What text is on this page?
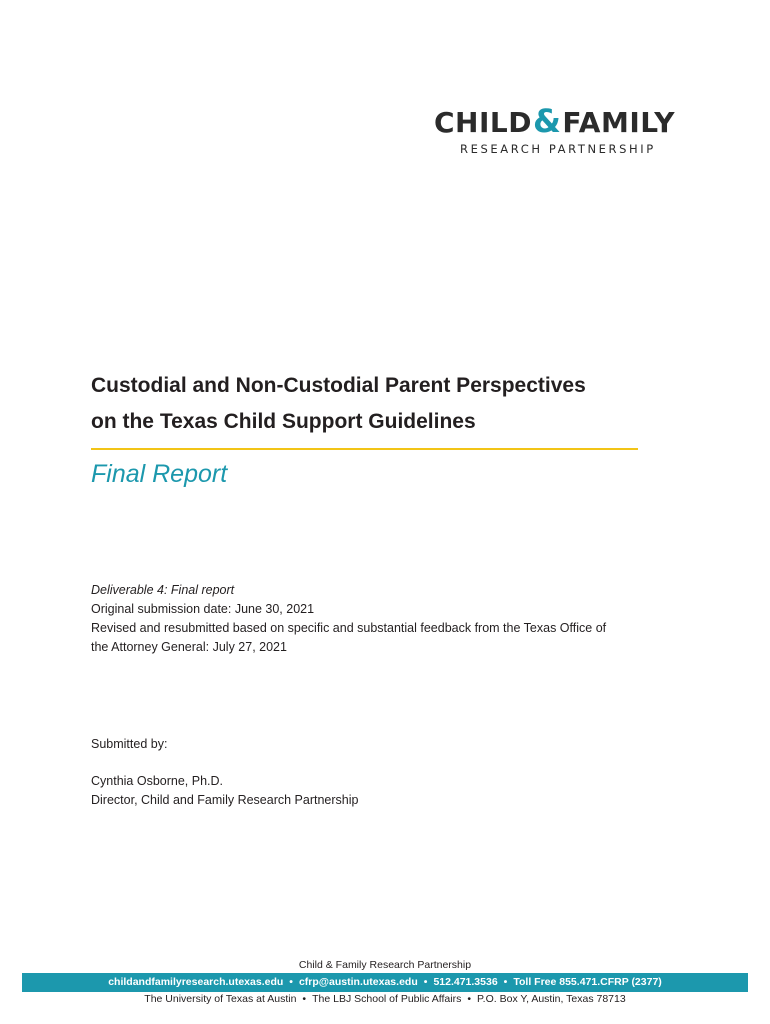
CHILD&FAMILY
RESEARCH PARTNERSHIP
Custodial and Non-Custodial Parent Perspectives
on the Texas Child Support Guidelines
Final Report
Deliverable 4: Final report
Original submission date: June 30, 2021
Revised and resubmitted based on specific and substantial feedback from the Texas Office of
the Attorney General: July 27, 2021
Submitted by:
Cynthia Osborne, Ph.D.
Director, Child and Family Research Partnership
Child & Family Research Partnership
childandfamilyresearch.utexas.edu • cfrp@austin.utexas.edu • 512.471.3536 • Toll Free 855.471.CFRP (2377)
The University of Texas at Austin • The LBJ School of Public Affairs • P.O. Box Y, Austin, Texas 78713
